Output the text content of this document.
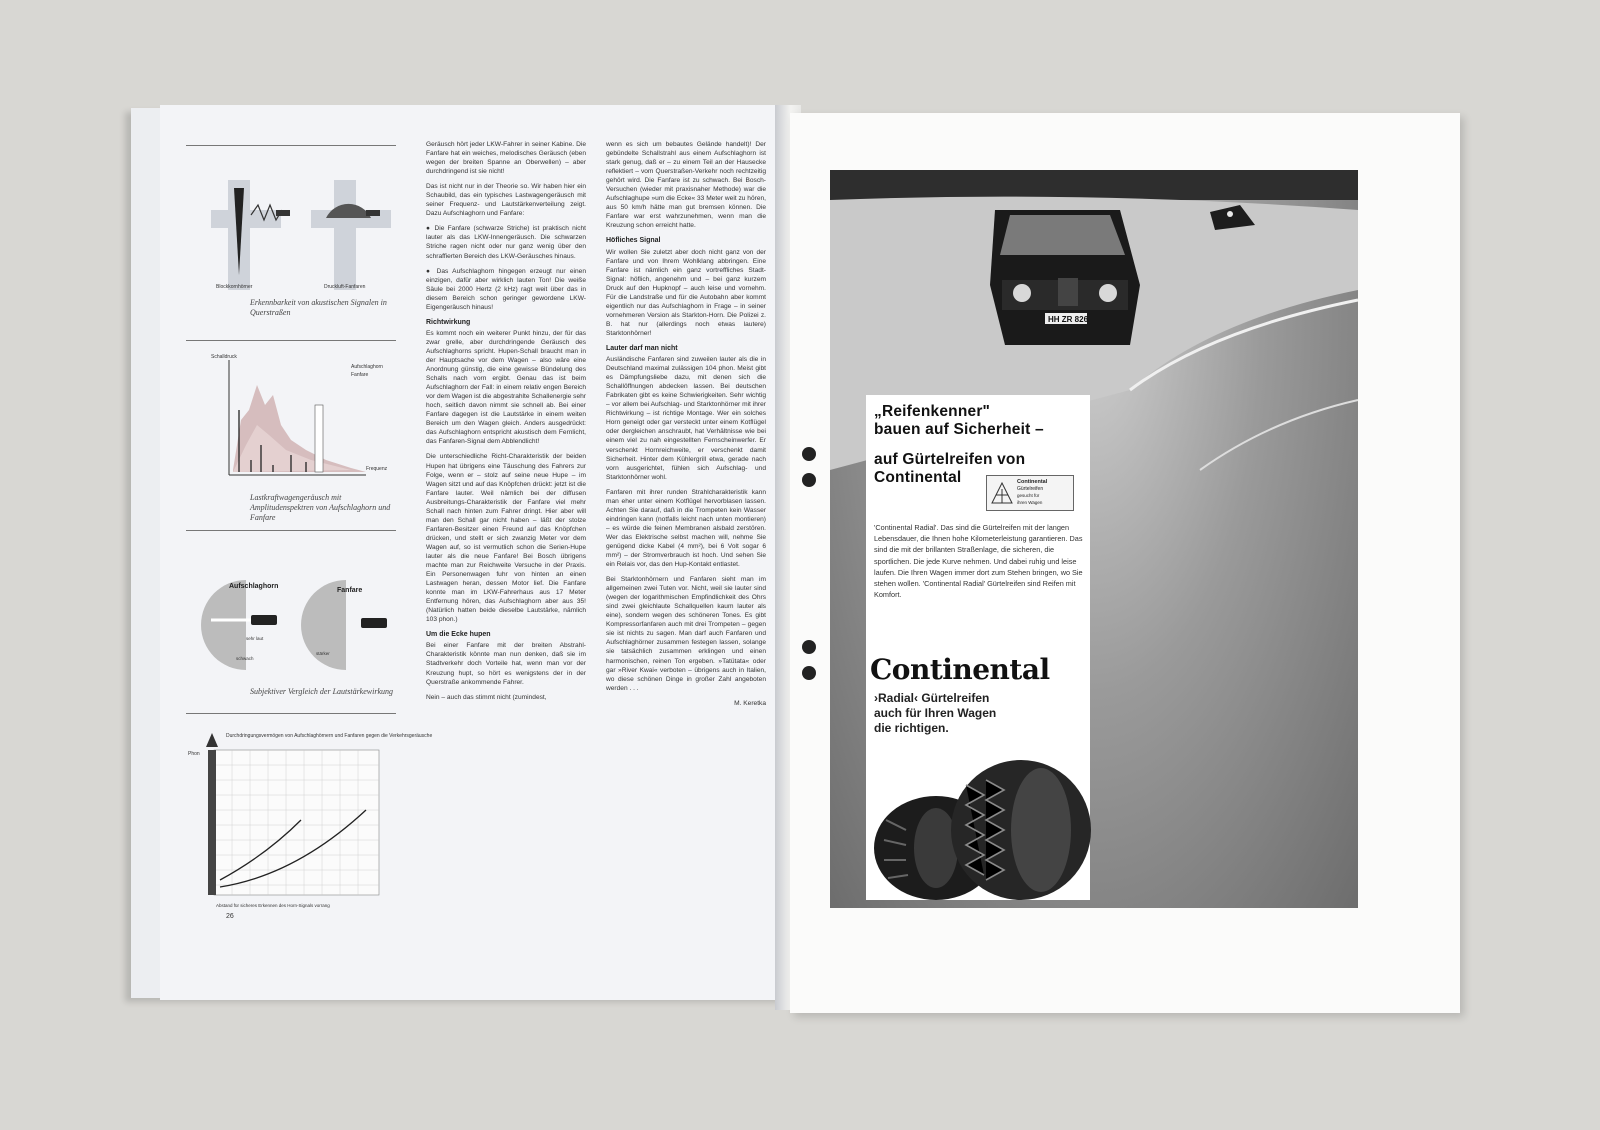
Blockkornhörner	Druckluft-Fanfaren
Erkennbarkeit von akustischen Signalen in Querstraßen
Schalldruck
Aufschlaghorn
Fanfare
Frequenz
Lastkraftwagengeräusch mit Amplitudenspektren von Aufschlaghorn und Fanfare
Aufschlaghorn
Fanfare
sehr laut
schwach
stärker
Subjektiver Vergleich der Lautstärkewirkung
Durchdringungsvermögen von Aufschlaghörnern und Fanfaren gegen die Verkehrsgeräusche
Phon
Abstand für sicheres Erkennen des Horn-Signals vorrang
26

Geräusch hört jeder LKW-Fahrer in seiner Kabine. Die Fanfare hat ein weiches, melodisches Geräusch (eben wegen der breiten Spanne an Oberwellen) – aber durchdringend ist sie nicht!

Das ist nicht nur in der Theorie so. Wir haben hier ein Schaubild, das ein typisches Lastwagengeräusch mit seiner Frequenz- und Lautstärkenverteilung zeigt. Dazu Aufschlaghorn und Fanfare:

● Die Fanfare (schwarze Striche) ist praktisch nicht lauter als das LKW-Innengeräusch. Die schwarzen Striche ragen nicht oder nur ganz wenig über den schraffierten Bereich des LKW-Geräusches hinaus.

● Das Aufschlaghorn hingegen erzeugt nur einen einzigen, dafür aber wirklich lauten Ton! Die weiße Säule bei 2000 Hertz (2 kHz) ragt weit über das in diesem Bereich schon geringer gewordene LKW-Eigengeräusch hinaus!

Richtwirkung

Es kommt noch ein weiterer Punkt hinzu, der für das zwar grelle, aber durchdringende Geräusch des Aufschlaghorns spricht. Hupen-Schall braucht man in der Hauptsache vor dem Wagen – also wäre eine Anordnung günstig, die eine gewisse Bündelung des Schalls nach vorn ergibt. Genau das ist beim Aufschlaghorn der Fall: in einem relativ engen Bereich vor dem Wagen ist die abgestrahlte Schallenergie sehr hoch, seitlich davon nimmt sie schnell ab. Bei einer Fanfare dagegen ist die Lautstärke in einem weiten Bereich um den Wagen gleich. Anders ausgedrückt: das Aufschlaghorn entspricht akustisch dem Fernlicht, das Fanfaren-Signal dem Abblendlicht!

Die unterschiedliche Richt-Charakteristik der beiden Hupen hat übrigens eine Täuschung des Fahrers zur Folge, wenn er – stolz auf seine neue Hupe – im Wagen sitzt und auf das Knöpfchen drückt: jetzt ist die Fanfare lauter. Weil nämlich bei der diffusen Ausbreitungs-Charakteristik der Fanfare viel mehr Schall nach hinten zum Fahrer dringt. Hier aber will man den Schall gar nicht haben – läßt der stolze Fanfaren-Besitzer einen Freund auf das Knöpfchen drücken, und stellt er sich zwanzig Meter vor dem Wagen auf, so ist vermutlich schon die Serien-Hupe lauter als die neue Fanfare! Bei Bosch übrigens machte man zur Reichweite Versuche in der Praxis. Ein Personenwagen fuhr von hinten an einen Lastwagen heran, dessen Motor lief. Die Fanfare konnte man im LKW-Fahrerhaus aus 17 Meter Entfernung hören, das Aufschlaghorn aber aus 35! (Natürlich hatten beide dieselbe Lautstärke, nämlich 103 phon.)

Um die Ecke hupen

Bei einer Fanfare mit der breiten Abstrahl-Charakteristik könnte man nun denken, daß sie im Stadtverkehr doch Vorteile hat, wenn man vor der Kreuzung hupt, so hört es wenigstens der in der Querstraße ankommende Fahrer.

Nein – auch das stimmt nicht (zumindest,

wenn es sich um bebautes Gelände handelt)! Der gebündelte Schallstrahl aus einem Aufschlaghorn ist stark genug, daß er – zu einem Teil an der Hausecke reflektiert – vom Querstraßen-Verkehr noch rechtzeitig gehört wird. Die Fanfare ist zu schwach. Bei Bosch-Versuchen (wieder mit praxisnaher Methode) war die Aufschlaghupe »um die Ecke« 33 Meter weit zu hören, aus 50 km/h hätte man gut bremsen können. Die Fanfare war erst wahrzunehmen, wenn man die Kreuzung schon erreicht hatte.

Höfliches Signal

Wir wollen Sie zuletzt aber doch nicht ganz von der Fanfare und von Ihrem Wohlklang abbringen. Eine Fanfare ist nämlich ein ganz vortreffliches Stadt-Signal: höflich, angenehm und – bei ganz kurzem Druck auf den Hupknopf – auch leise und vornehm. Für die Landstraße und für die Autobahn aber kommt eigentlich nur das Aufschlaghorn in Frage – in seiner vornehmeren Version als Starkton-Horn. Die Polizei z. B. hat nur (allerdings noch etwas lautere) Starktonhörner!

Lauter darf man nicht

Ausländische Fanfaren sind zuweilen lauter als die in Deutschland maximal zulässigen 104 phon. Meist gibt es Dämpfungsliebe dazu, mit denen sich die Schallöffnungen abdecken lassen. Bei deutschen Fabrikaten gibt es keine Schwierigkeiten. Sehr wichtig – vor allem bei Aufschlag- und Starktonhörner mit ihrer Richtwirkung – ist richtige Montage. Wer ein solches Horn geneigt oder gar versteckt unter einem Kotflügel oder dergleichen anschraubt, hat Verhältnisse wie bei einem viel zu nah eingestellten Fernscheinwerfer. Er verschenkt Hornreichweite, er verschenkt damit Sicherheit. Hinter dem Kühlergrill etwa, gerade nach vorn ausgerichtet, fühlen sich Aufschlag- und Starktonhörner wohl.

Fanfaren mit ihrer runden Strahlcharakteristik kann man eher unter einem Kotflügel hervorblasen lassen. Achten Sie darauf, daß in die Trompeten kein Wasser eindringen kann (notfalls leicht nach unten montieren) – es würde die feinen Membranen alsbald zerstören. Wer das Elektrische selbst machen will, nehme Sie genügend dicke Kabel (4 mm²), bei 6 Volt sogar 6 mm²) – der Stromverbrauch ist hoch. Und sehen Sie ein Relais vor, das den Hup-Kontakt entlastet.

Bei Starktonhörnern und Fanfaren sieht man im allgemeinen zwei Tuten vor. Nicht, weil sie lauter sind (wegen der logarithmischen Empfindlichkeit des Ohrs sind zwei gleichlaute Schallquellen kaum lauter als eine), sondern wegen des schöneren Tones. Es gibt Kompressorfanfaren auch mit drei Trompeten – gegen sie ist nichts zu sagen. Man darf auch Fanfaren und Aufschlaghörner zusammen festegen lassen, solange sie tatsächlich zusammen erklingen und einen harmonischen, reinen Ton ergeben. »Tatütata« oder gar »River Kwai« verboten – übrigens auch in Italien, wo diese schönen Dinge in großer Zahl angeboten werden . . .

M. Keretka
HH ZR 826
„Reifenkenner"
bauen auf Sicherheit –
auf Gürtelreifen von
Continental	Continental
Gürtelreifen
gesucht für
ihren Wagen
'Continental Radial'. Das sind die Gürtelreifen mit der langen Lebensdauer, die Ihnen hohe Kilometerleistung garantieren. Das sind die mit der brillanten Straßenlage, die sicheren, die sportlichen. Die jede Kurve nehmen. Und dabei ruhig und leise laufen. Die Ihren Wagen immer dort zum Stehen bringen, wo Sie stehen wollen. 'Continental Radial' Gürtelreifen sind Reifen mit Komfort.
Continental
›Radial‹ Gürtelreifen
auch für Ihren Wagen
die richtigen.
